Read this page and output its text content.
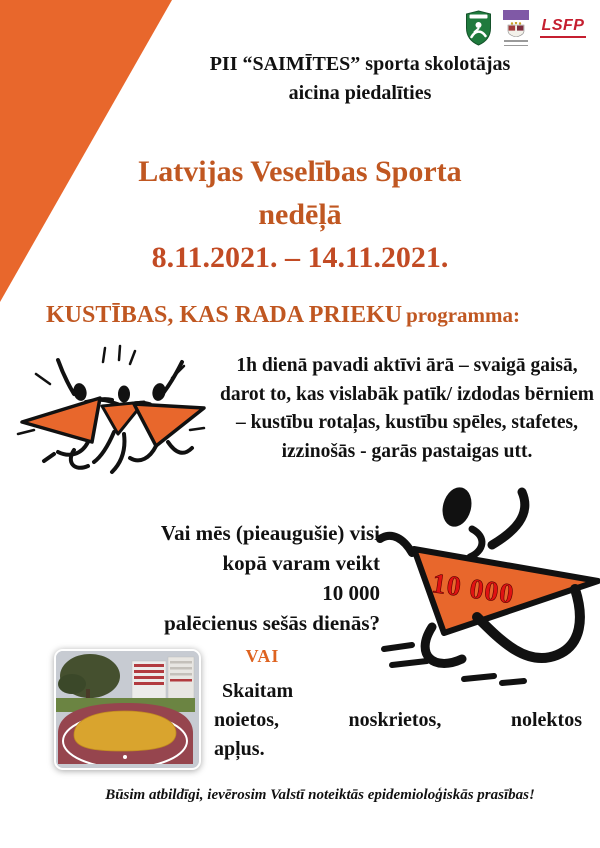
LSFP
PII “SAIMĪTES” sporta skolotājas
aicina piedalīties
Latvijas Veselības Sporta
nedēļā
8.11.2021. – 14.11.2021.
KUSTĪBAS, KAS RADA PRIEKU programma:
1h dienā pavadi aktīvi ārā – svaigā gaisā, darot to, kas vislabāk patīk/ izdodas bērniem – kustību rotaļas, kustību spēles, stafetes, izzinošās - garās pastaigas utt.
Vai mēs (pieaugušie) visi
kopā varam veikt
10 000
palēcienus sešās dienās?
10 000
VAI
Skaitam
noietos,	noskrietos,	nolektos
apļus.
Būsim atbildīgi, ievērosim Valstī noteiktās epidemioloģiskās prasības!
